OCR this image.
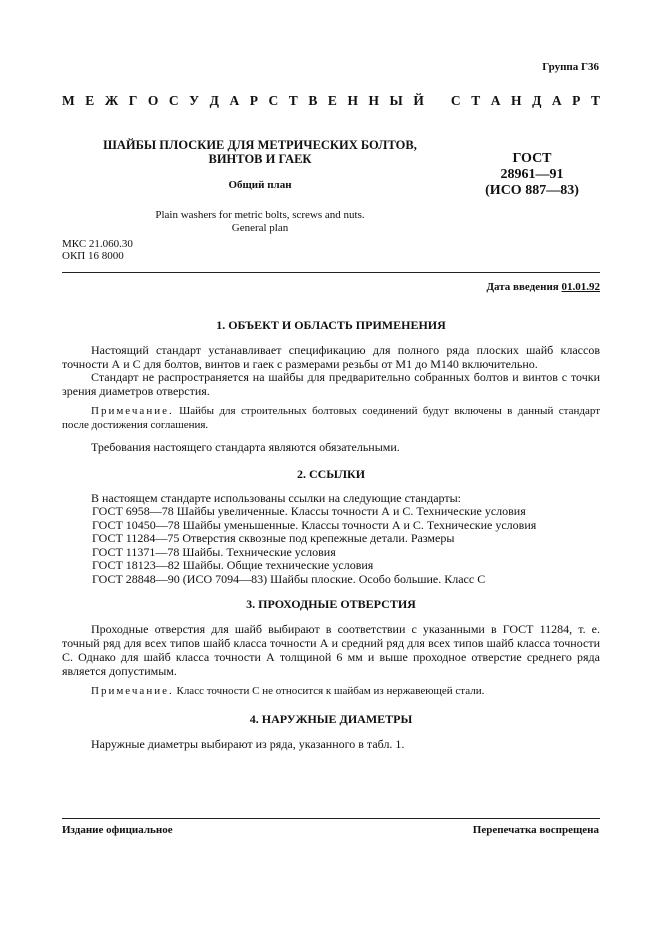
Группа Г36
М Е Ж Г О С У Д А Р С Т В Е Н Н Ы Й С Т А Н Д А Р Т
ШАЙБЫ ПЛОСКИЕ ДЛЯ МЕТРИЧЕСКИХ БОЛТОВ,
ВИНТОВ И ГАЕК
Общий план
Plain washers for metric bolts, screws and nuts.
General plan
ГОСТ
28961—91
(ИСО 887—83)
МКС 21.060.30
ОКП 16 8000
Дата введения 01.01.92
1. ОБЪЕКТ И ОБЛАСТЬ ПРИМЕНЕНИЯ
Настоящий стандарт устанавливает спецификацию для полного ряда плоских шайб классов точности А и С для болтов, винтов и гаек с размерами резьбы от М1 до М140 включительно.
Стандарт не распространяется на шайбы для предварительно собранных болтов и винтов с точки зрения диаметров отверстия.
Примечание. Шайбы для строительных болтовых соединений будут включены в данный стандарт после достижения соглашения.
Требования настоящего стандарта являются обязательными.
2. ССЫЛКИ
В настоящем стандарте использованы ссылки на следующие стандарты:
ГОСТ 6958—78 Шайбы увеличенные. Классы точности А и С. Технические условия
ГОСТ 10450—78 Шайбы уменьшенные. Классы точности А и С. Технические условия
ГОСТ 11284—75 Отверстия сквозные под крепежные детали. Размеры
ГОСТ 11371—78 Шайбы. Технические условия
ГОСТ 18123—82 Шайбы. Общие технические условия
ГОСТ 28848—90 (ИСО 7094—83) Шайбы плоские. Особо большие. Класс С
3. ПРОХОДНЫЕ ОТВЕРСТИЯ
Проходные отверстия для шайб выбирают в соответствии с указанными в ГОСТ 11284, т. е. точный ряд для всех типов шайб класса точности А и средний ряд для всех типов шайб класса точности С. Однако для шайб класса точности А толщиной 6 мм и выше проходное отверстие среднего ряда является допустимым.
Примечание. Класс точности С не относится к шайбам из нержавеющей стали.
4. НАРУЖНЫЕ ДИАМЕТРЫ
Наружные диаметры выбирают из ряда, указанного в табл. 1.
Издание официальное	Перепечатка воспрещена
